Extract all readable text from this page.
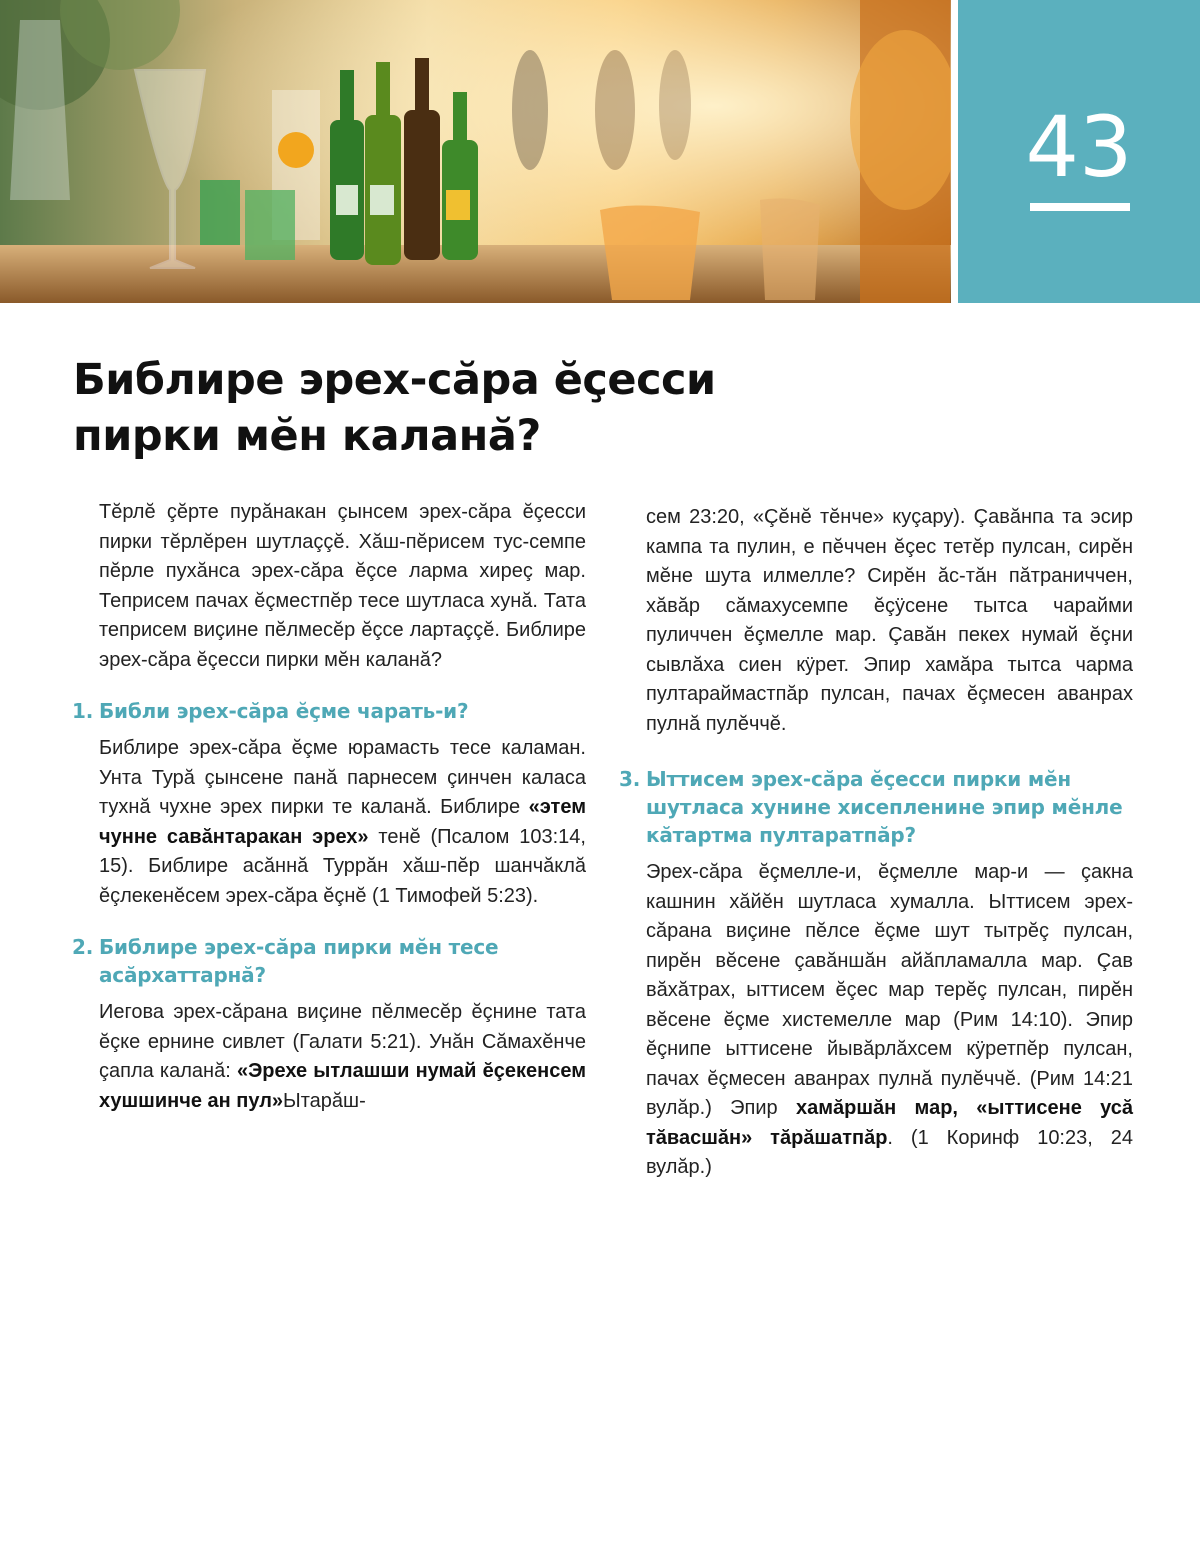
43
Библире эрех-сăра ĕçесси
пирки мĕн каланă?

Тĕрлĕ çĕрте пурăнакан çынсем эрех-сăра ĕçесси пирки тĕрлĕрен шутлаççĕ. Хăш-пĕрисем тус-семпе пĕрле пухăнса эрех-сăра ĕçсе ларма хиреç мар. Теприсем пачах ĕçместпĕр тесе шутласа хунă. Тата теприсем виçине пĕлмесĕр ĕçсе лартаççĕ. Библире эрех-сăра ĕçесси пирки мĕн каланă?

1. Библи эрех-сăра ĕçме чарать-и?

Библире эрех-сăра ĕçме юрамасть тесе каламан. Унта Турă çынсене панă парнесем çинчен каласа тухнă чухне эрех пирки те каланă. Библире «этем чунне савăнтаракан эрех» тенĕ (Псалом 103:14, 15). Библире асăннă Туррăн хăш-пĕр шанчăклă ĕçлекенĕсем эрех-сăра ĕçнĕ (1 Тимофей 5:23).

2. Библире эрех-сăра пирки мĕн тесе асăрхаттарнă?

Иегова эрех-сăрана виçине пĕлмесĕр ĕçнине тата ĕçке ернине сивлет (Галати 5:21). Унăн Сăмахĕнче çапла каланă: «Эрехе ытлашши нумай ĕçекенсем хушшинче ан пул»Ытарăш-

сем 23:20, «Çĕнĕ тĕнче» куçару). Çавăнпа та эсир кампа та пулин, е пĕччен ĕçес тетĕр пулсан, сирĕн мĕне шута илмелле? Сирĕн ăс-тăн пăтраниччен, хăвăр сăмахусемпе ĕçÿсене тытса чарайми пуличчен ĕçмелле мар. Çавăн пекех нумай ĕçни сывлăха сиен кÿрет. Эпир хамăра тытса чарма пултараймастпăр пулсан, пачах ĕçмесен аванрах пулнă пулĕччĕ.

3. Ыттисем эрех-сăра ĕçесси пирки мĕн шутласа хунине хисепленине эпир мĕнле кăтартма пултаратпăр?

Эрех-сăра ĕçмелле-и, ĕçмелле мар-и — çакна кашнин хăйĕн шутласа хумалла. Ыттисем эрех-сăрана виçине пĕлсе ĕçме шут тытрĕç пулсан, пирĕн вĕсене çавăншăн айăпламалла мар. Çав вăхăтрах, ыттисем ĕçес мар терĕç пулсан, пирĕн вĕсене ĕçме хистемелле мар (Рим 14:10). Эпир ĕçнипе ыттисене йывăрлăхсем кÿретпĕр пулсан, пачах ĕçмесен аванрах пулнă пулĕччĕ. (Рим 14:21 вулăр.) Эпир хамăршăн мар, «ыттисене усă тăвасшăн» тăрăшатпăр. (1 Коринф 10:23, 24 вулăр.)
